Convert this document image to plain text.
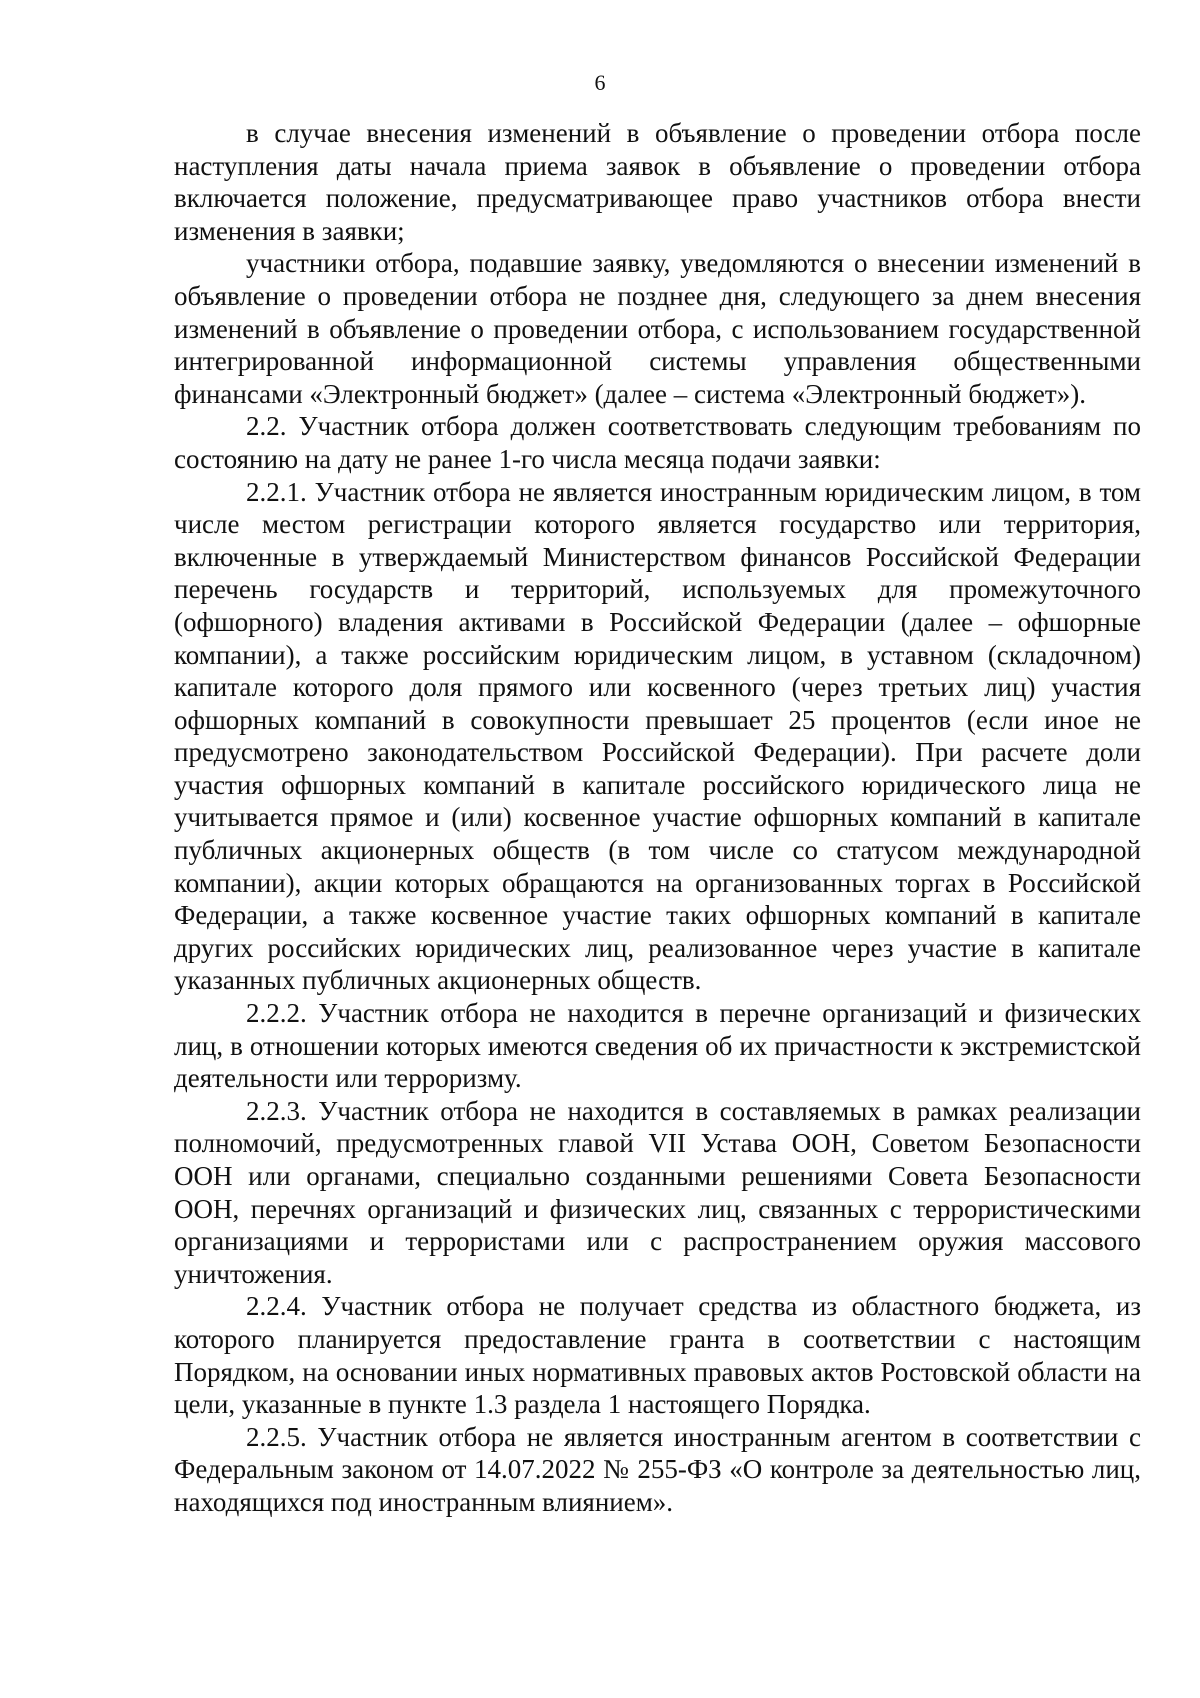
6

в случае внесения изменений в объявление о проведении отбора после наступления даты начала приема заявок в объявление о проведении отбора включается положение, предусматривающее право участников отбора внести изменения в заявки;

участники отбора, подавшие заявку, уведомляются о внесении изменений в объявление о проведении отбора не позднее дня, следующего за днем внесения изменений в объявление о проведении отбора, с использованием государственной интегрированной информационной системы управления общественными финансами «Электронный бюджет» (далее – система «Электронный бюджет»).

2.2. Участник отбора должен соответствовать следующим требованиям по состоянию на дату не ранее 1-го числа месяца подачи заявки:

2.2.1. Участник отбора не является иностранным юридическим лицом, в том числе местом регистрации которого является государство или территория, включенные в утверждаемый Министерством финансов Российской Федерации перечень государств и территорий, используемых для промежуточного (офшорного) владения активами в Российской Федерации (далее – офшорные компании), а также российским юридическим лицом, в уставном (складочном) капитале которого доля прямого или косвенного (через третьих лиц) участия офшорных компаний в совокупности превышает 25 процентов (если иное не предусмотрено законодательством Российской Федерации). При расчете доли участия офшорных компаний в капитале российского юридического лица не учитывается прямое и (или) косвенное участие офшорных компаний в капитале публичных акционерных обществ (в том числе со статусом международной компании), акции которых обращаются на организованных торгах в Российской Федерации, а также косвенное участие таких офшорных компаний в капитале других российских юридических лиц, реализованное через участие в капитале указанных публичных акционерных обществ.

2.2.2. Участник отбора не находится в перечне организаций и физических лиц, в отношении которых имеются сведения об их причастности к экстремистской деятельности или терроризму.

2.2.3. Участник отбора не находится в составляемых в рамках реализации полномочий, предусмотренных главой VII Устава ООН, Советом Безопасности ООН или органами, специально созданными решениями Совета Безопасности ООН, перечнях организаций и физических лиц, связанных с террористическими организациями и террористами или с распространением оружия массового уничтожения.

2.2.4. Участник отбора не получает средства из областного бюджета, из которого планируется предоставление гранта в соответствии с настоящим Порядком, на основании иных нормативных правовых актов Ростовской области на цели, указанные в пункте 1.3 раздела 1 настоящего Порядка.

2.2.5. Участник отбора не является иностранным агентом в соответствии с Федеральным законом от 14.07.2022 № 255-ФЗ «О контроле за деятельностью лиц, находящихся под иностранным влиянием».
